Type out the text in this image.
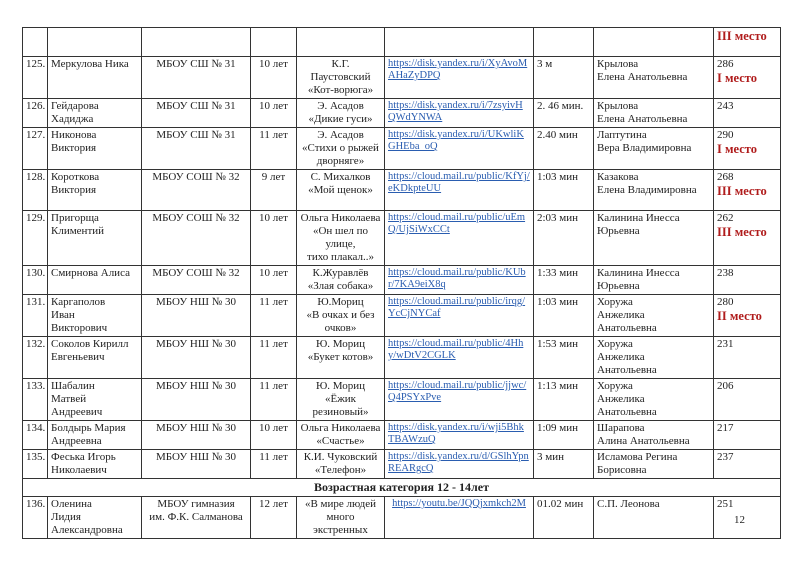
								III место

125.	Меркулова Ника	МБОУ СШ № 31	10 лет	К.Г.
Паустовский
«Кот-ворюга»	https://disk.yandex.ru/i/XyAvoMAHaZyDPQ	3 м	Крылова
Елена Анатольевна	286
I место

126.	Гейдарова
Хадиджа	МБОУ СШ № 31	10 лет	Э. Асадов
«Дикие гуси»	https://disk.yandex.ru/i/7zsyivHQWdYNWA	2. 46 мин.	Крылова
Елена Анатольевна	243
127.	Никонова
Виктория	МБОУ СШ № 31	11 лет	Э. Асадов
«Стихи о рыжей
дворняге»	https://disk.yandex.ru/i/UKwliKGHEba_oQ	2.40 мин	Лаптутина
Вера Владимировна	290
I место

128.	Короткова
Виктория	МБОУ СОШ № 32	9 лет	С. Михалков
«Мой щенок»	https://cloud.mail.ru/public/KfYj/eKDkpteUU	1:03 мин	Казакова
Елена Владимировна	268
III место

129.	Пригорща
Климентий	МБОУ СОШ № 32	10 лет	Ольга Николаева
«Он шел по
улице,
тихо плакал..»	https://cloud.mail.ru/public/uEmQ/UjSiWxCCt	2:03 мин	Калинина Инесса
Юрьевна	262
III место

130.	Смирнова Алиса	МБОУ СОШ № 32	10 лет	К.Журавлёв
«Злая собака»	https://cloud.mail.ru/public/KUbr/7KA9eiX8q	1:33 мин	Калинина Инесса
Юрьевна	238
131.	Каргаполов
Иван
Викторович	МБОУ НШ № 30	11 лет	Ю.Мориц
«В очках и без
очков»	https://cloud.mail.ru/public/irqg/YcCjNYCaf	1:03 мин	Хоружа
Анжелика
Анатольевна	280
II место

132.	Соколов Кирилл
Евгеньевич	МБОУ НШ № 30	11 лет	Ю. Мориц
«Букет котов»	https://cloud.mail.ru/public/4Hhy/wDtV2CGLK	1:53 мин	Хоружа
Анжелика
Анатольевна	231
133.	Шабалин
Матвей
Андреевич	МБОУ НШ № 30	11 лет	Ю. Мориц
«Ёжик
резиновый»	https://cloud.mail.ru/public/jjwc/Q4PSYxPve	1:13 мин	Хоружа
Анжелика
Анатольевна	206
134.	Болдырь Мария
Андреевна	МБОУ НШ № 30	10 лет	Ольга Николаева
«Счастье»	https://disk.yandex.ru/i/wji5BhkTBAWzuQ	1:09 мин	Шарапова
Алина Анатольевна	217
135.	Феська Игорь
Николаевич	МБОУ НШ № 30	11 лет	К.И. Чуковский
«Телефон»	https://disk.yandex.ru/d/GSlhYpnREARgcQ	3 мин	Исламова Регина
Борисовна	237
Возрастная категория 12 - 14лет								
136.	Оленина
Лидия
Александровна	МБОУ гимназия
им. Ф.К. Салманова	12 лет	«В мире людей
много
экстренных	https://youtu.be/JQQjxmkch2M	01.02 мин	С.П. Леонова	251
12
